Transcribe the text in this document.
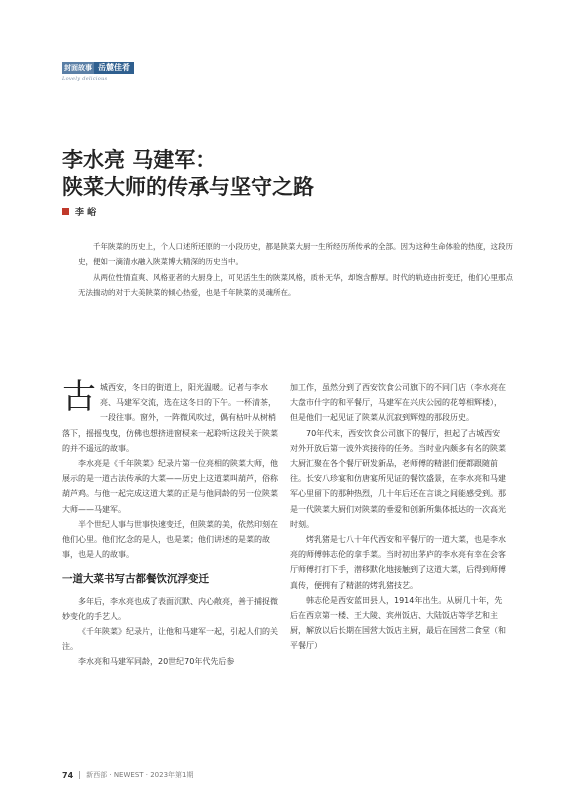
封面故事 岳麓佳肴
Lovely delicious
李水亮 马建军：
陕菜大师的传承与坚守之路
李 峪

千年陕菜的历史上，个人口述所还原的一小段历史，都是陕菜大厨一生所经历所传承的全部。因为这种生命体验的热度，这段历史，便如一滴清水融入陕菜博大精深的历史当中。

从两位性情直爽、风格亚者的大厨身上，可见活生生的陕菜风格，质朴无华，却饱含醇厚。时代的轨迹由折变迁，他们心里那点无法揣动的对于大美陕菜的倾心热爱，也是千年陕菜的灵魂所在。

古城西安，冬日的街道上，阳光温暖。记者与李水亮、马建军交流，选在这冬日的下午。一杯清茶，一段往事。窗外，一阵微风吹过，偶有枯叶从树梢落下，摇摇曳曳，仿佛也想挤进窗棂来一起聆听这段关于陕菜的并不遥远的故事。

李水亮是《千年陕菜》纪录片第一位亮相的陕菜大师，他展示的是一道古法传承的大菜——历史上这道菜叫葫芦，俗称葫芦鸡。与他一起完成这道大菜的正是与他同龄的另一位陕菜大师——马建军。

半个世纪人事与世事快速变迁，但陕菜的美，依然印刻在他们心里。他们忆念的是人，也是菜；他们讲述的是菜的故事，也是人的故事。

一道大菜书写古都餐饮沉浮变迁

多年后，李水亮也成了表面沉默、内心敞亮，善于捕捉微妙变化的手艺人。

《千年陕菜》纪录片，让他和马建军一起，引起人们的关注。

李水亮和马建军同龄，20世纪70年代先后参

加工作，虽然分到了西安饮食公司旗下的不同门店（李水亮在大盘市什字的和平餐厅，马建军在兴庆公园的花萼相辉楼），但是他们一起见证了陕菜从沉寂到辉煌的那段历史。

70年代末，西安饮食公司旗下的餐厅，担起了古城西安对外开放后第一波外宾接待的任务。当时业内颇多有名的陕菜大厨汇聚在各个餐厅研发新品，老师傅的精湛们便都跟随前往。长安八珍宴和仿唐宴所见证的餐饮盛景，在李水亮和马建军心里留下的那种热烈，几十年后还在言谈之间能感受到。那是一代陕菜大厨们对陕菜的垂爱和创新所集体抵达的一次高光时刻。

烤乳猪是七八十年代西安和平餐厅的一道大菜，也是李水亮的师傅韩志伦的拿手菜。当时初出茅庐的李水亮有幸在会客厅师傅打打下手，潜移默化地接触到了这道大菜，后得到师傅真传，便拥有了精湛的烤乳猪技艺。

韩志伦是西安蓝田县人，1914年出生。从厨几十年，先后在西京第一楼、王大陵、宾州饭店、大陆饭店等学艺和主厨，解放以后长期在国营大饭店主厨，最后在国营二食堂（和平餐厅）

74 新西部 · NEWEST · 2023年第1期
